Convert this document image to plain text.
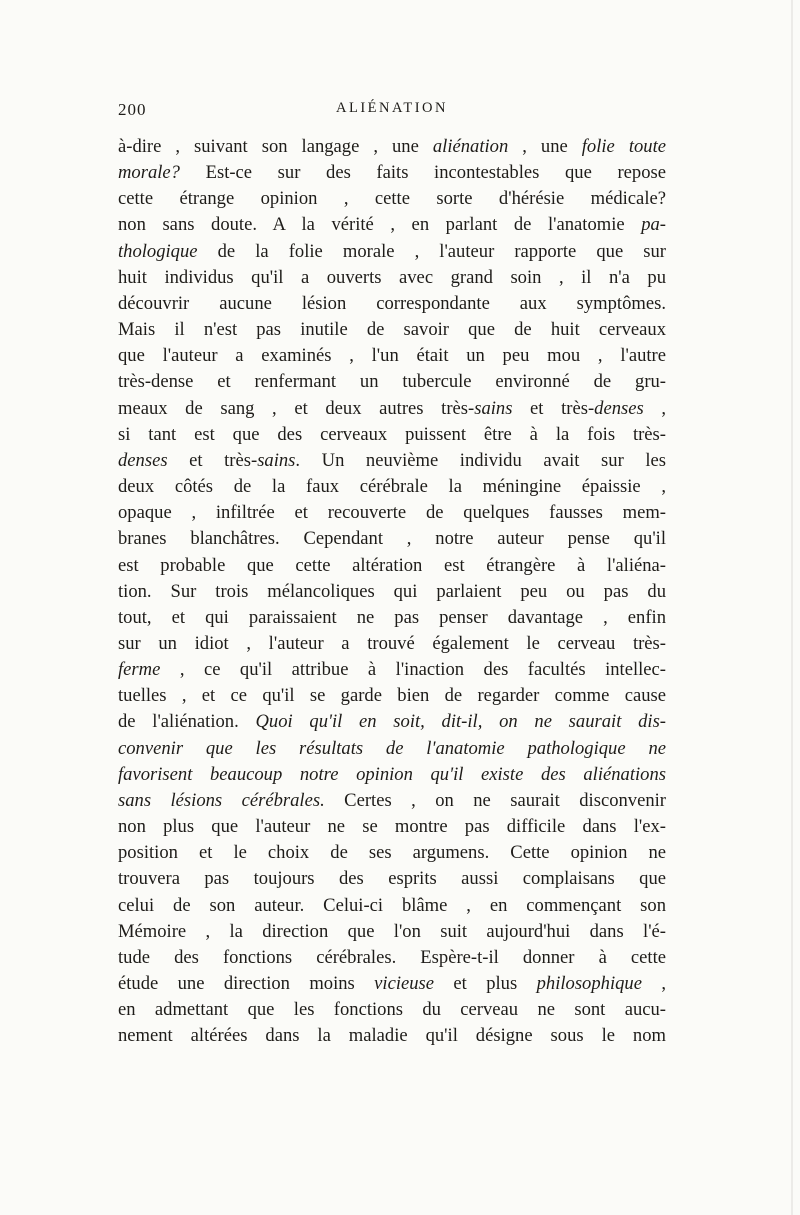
200	ALIÉNATION
à-dire , suivant son langage , une aliénation , une folie toute
morale? Est-ce sur des faits incontestables que repose
cette étrange opinion , cette sorte d'hérésie médicale?
non sans doute. A la vérité , en parlant de l'anatomie pa-
thologique de la folie morale , l'auteur rapporte que sur
huit individus qu'il a ouverts avec grand soin , il n'a pu
découvrir aucune lésion correspondante aux symptômes.
Mais il n'est pas inutile de savoir que de huit cerveaux
que l'auteur a examinés , l'un était un peu mou , l'autre
très-dense et renfermant un tubercule environné de gru-
meaux de sang , et deux autres très-sains et très-denses ,
si tant est que des cerveaux puissent être à la fois très-
denses et très-sains. Un neuvième individu avait sur les
deux côtés de la faux cérébrale la méningine épaissie ,
opaque , infiltrée et recouverte de quelques fausses mem-
branes blanchâtres. Cependant , notre auteur pense qu'il
est probable que cette altération est étrangère à l'aliéna-
tion. Sur trois mélancoliques qui parlaient peu ou pas du
tout, et qui paraissaient ne pas penser davantage , enfin
sur un idiot , l'auteur a trouvé également le cerveau très-
ferme , ce qu'il attribue à l'inaction des facultés intellec-
tuelles , et ce qu'il se garde bien de regarder comme cause
de l'aliénation. Quoi qu'il en soit, dit-il, on ne saurait dis-
convenir que les résultats de l'anatomie pathologique ne
favorisent beaucoup notre opinion qu'il existe des aliénations
sans lésions cérébrales. Certes , on ne saurait disconvenir
non plus que l'auteur ne se montre pas difficile dans l'ex-
position et le choix de ses argumens. Cette opinion ne
trouvera pas toujours des esprits aussi complaisans que
celui de son auteur. Celui-ci blâme , en commençant son
Mémoire , la direction que l'on suit aujourd'hui dans l'é-
tude des fonctions cérébrales. Espère-t-il donner à cette
étude une direction moins vicieuse et plus philosophique ,
en admettant que les fonctions du cerveau ne sont aucu-
nement altérées dans la maladie qu'il désigne sous le nom
